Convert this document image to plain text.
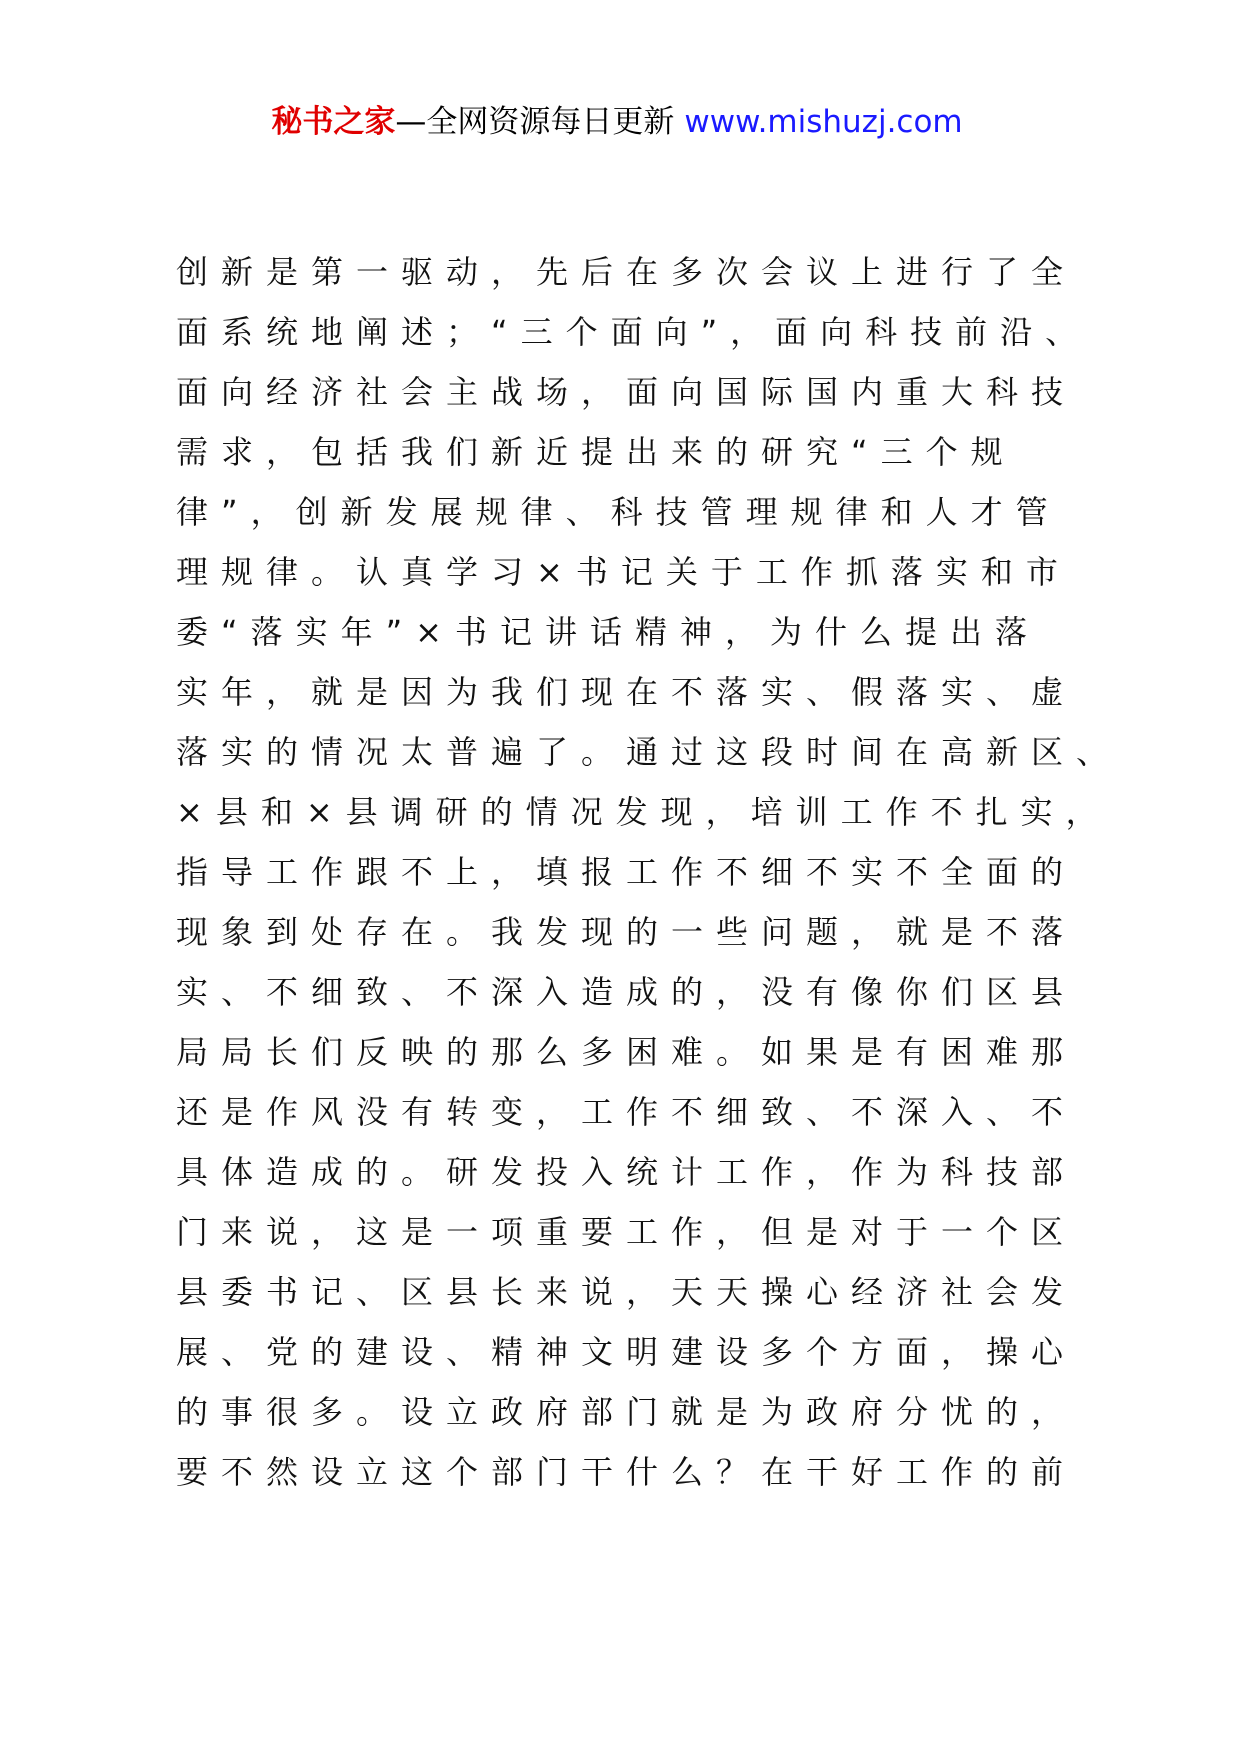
秘书之家—全网资源每日更新 www.mishuzj.com
创新是第一驱动，先后在多次会议上进行了全
面系统地阐述；“三个面向”，面向科技前沿、
面向经济社会主战场，面向国际国内重大科技
需求，包括我们新近提出来的研究“三个规
律”，创新发展规律、科技管理规律和人才管
理规律。认真学习×书记关于工作抓落实和市
委“落实年”×书记讲话精神，为什么提出落
实年，就是因为我们现在不落实、假落实、虚
落实的情况太普遍了。通过这段时间在高新区、
×县和×县调研的情况发现，培训工作不扎实，
指导工作跟不上，填报工作不细不实不全面的
现象到处存在。我发现的一些问题，就是不落
实、不细致、不深入造成的，没有像你们区县
局局长们反映的那么多困难。如果是有困难那
还是作风没有转变，工作不细致、不深入、不
具体造成的。研发投入统计工作，作为科技部
门来说，这是一项重要工作，但是对于一个区
县委书记、区县长来说，天天操心经济社会发
展、党的建设、精神文明建设多个方面，操心
的事很多。设立政府部门就是为政府分忧的，
要不然设立这个部门干什么？在干好工作的前
